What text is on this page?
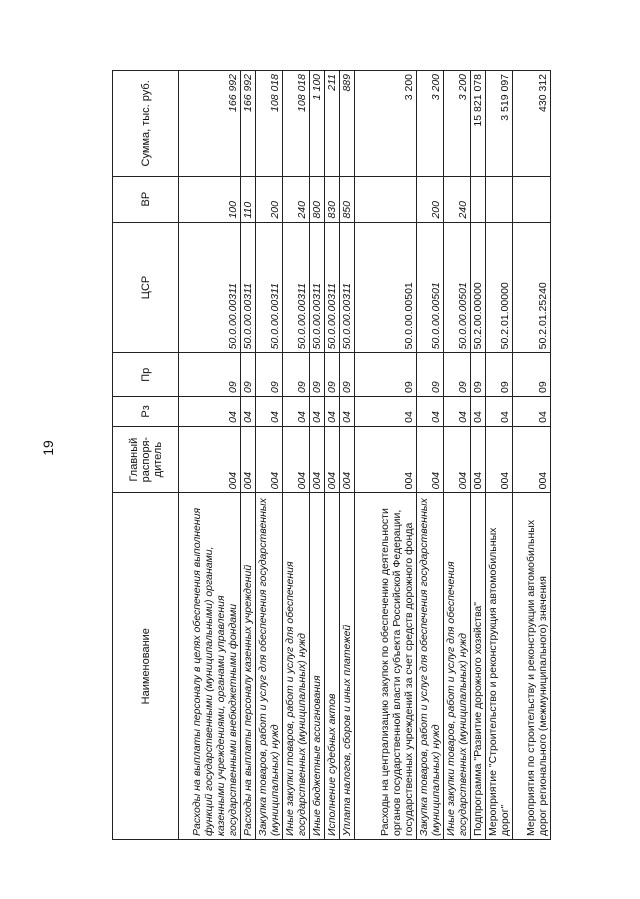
19
Наименование	Главный распоря-дитель	Рз	Пр	ЦСР	ВР	Сумма, тыс. руб.
Расходы на выплаты персоналу в целях обеспечения выполнения функций государственными (муниципальными) органами, казенными учреждениями, органами управления государственными внебюджетными фондами	004	04	09	50.0.00.00311	100	166 992
Расходы на выплаты персоналу казенных учреждений	004	04	09	50.0.00.00311	110	166 992
Закупка товаров, работ и услуг для обеспечения государственных (муниципальных) нужд	004	04	09	50.0.00.00311	200	108 018
Иные закупки товаров, работ и услуг для обеспечения государственных (муниципальных) нужд	004	04	09	50.0.00.00311	240	108 018
Иные бюджетные ассигнования	004	04	09	50.0.00.00311	800	1 100
Исполнение судебных актов	004	04	09	50.0.00.00311	830	211
Уплата налогов, сборов и иных платежей	004	04	09	50.0.00.00311	850	889
Расходы на централизацию закупок по обеспечению деятельности органов государственной власти субъекта Российской Федерации, государственных учреждений за счет средств дорожного фонда	004	04	09	50.0.00.00501		3 200
Закупка товаров, работ и услуг для обеспечения государственных (муниципальных) нужд	004	04	09	50.0.00.00501	200	3 200
Иные закупки товаров, работ и услуг для обеспечения государственных (муниципальных) нужд	004	04	09	50.0.00.00501	240	3 200
Подпрограмма "Развитие дорожного хозяйства"	004	04	09	50.2.00.00000		15 821 078
Мероприятие "Строительство и реконструкция автомобильных дорог"	004	04	09	50.2.01.00000		3 519 097
Мероприятия по строительству и реконструкции автомобильных дорог регионального (межмуниципального) значения	004	04	09	50.2.01.25240		430 312
